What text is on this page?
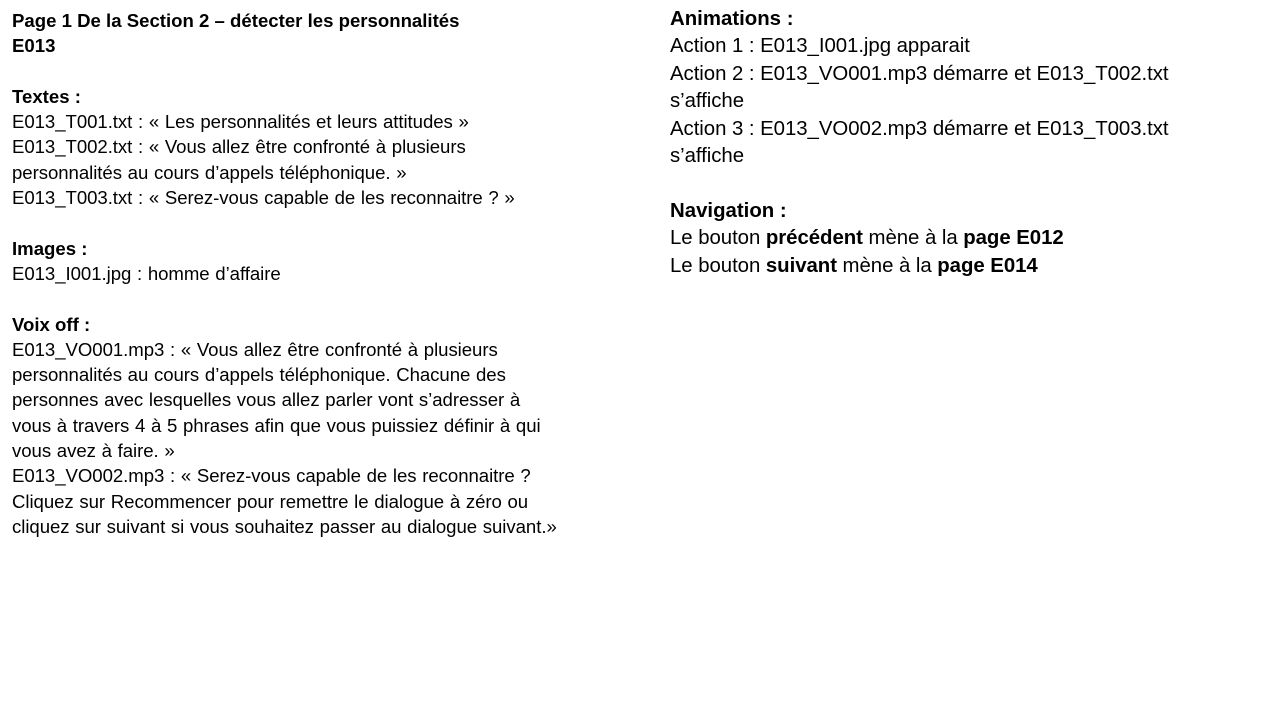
Page 1 De la Section 2 – détecter les personnalités
E013
Textes :
E013_T001.txt : « Les personnalités et leurs attitudes »
E013_T002.txt : « Vous allez être confronté à plusieurs personnalités au cours d’appels téléphonique. »
E013_T003.txt : « Serez-vous capable de les reconnaitre ? »
Images :
E013_I001.jpg : homme d’affaire
Voix off :
E013_VO001.mp3 : « Vous allez être confronté à plusieurs personnalités au cours d’appels téléphonique. Chacune des personnes avec lesquelles vous allez parler vont s’adresser à vous à travers 4 à 5 phrases afin que vous puissiez définir à qui vous avez à faire. »
E013_VO002.mp3 : « Serez-vous capable de les reconnaitre ? Cliquez sur Recommencer pour remettre le dialogue à zéro ou cliquez sur suivant si vous souhaitez passer au dialogue suivant.»
Animations :
Action 1 : E013_I001.jpg apparait
Action 2 : E013_VO001.mp3 démarre et E013_T002.txt s’affiche
Action 3 : E013_VO002.mp3 démarre et E013_T003.txt s’affiche
Navigation :
Le bouton précédent mène à la page E012
Le bouton suivant mène à la page E014
